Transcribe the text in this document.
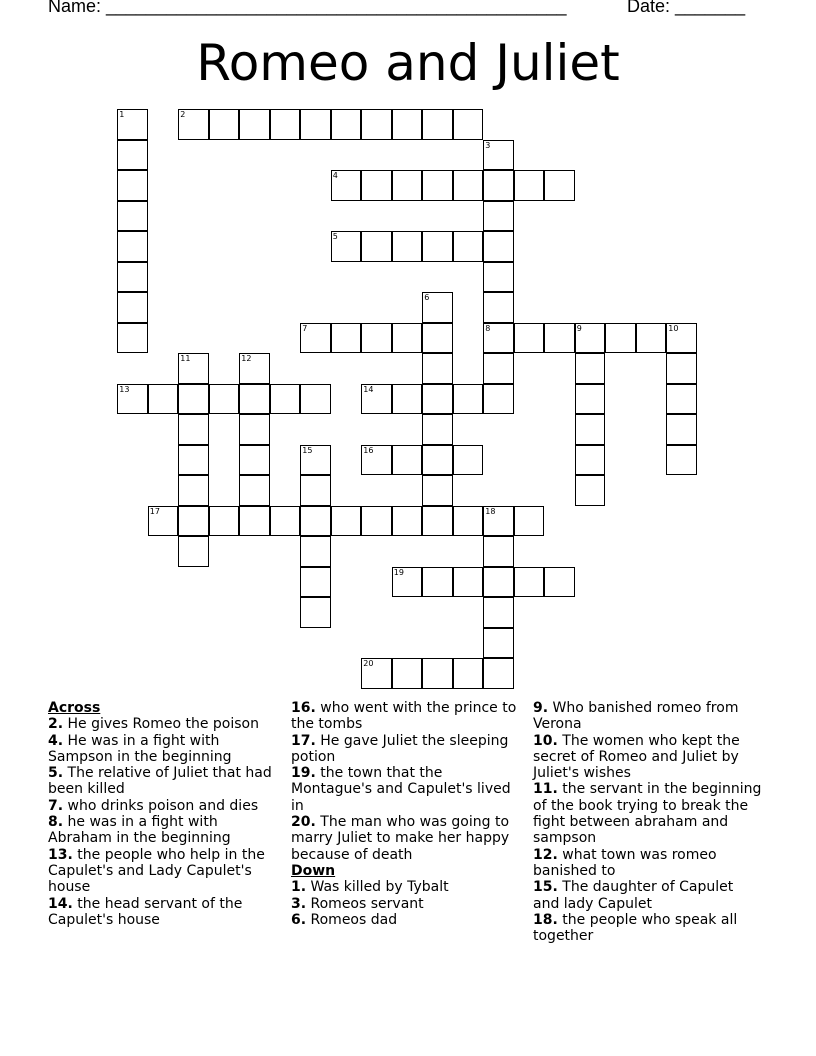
Name: ______________________________________________	Date: _______
Romeo and Juliet
1	2
3
8
4
5
6
7	9	10
11	12
13	14
15	16
17	18
19
20
Across
2. He gives Romeo the poison
4. He was in a fight with Sampson in the beginning
5. The relative of Juliet that had been killed
7. who drinks poison and dies
8. he was in a fight with Abraham in the beginning
13. the people who help in the Capulet's and Lady Capulet's house
14. the head servant of the Capulet's house
16. who went with the prince to the tombs
17. He gave Juliet the sleeping potion
19. the town that the Montague's and Capulet's lived in
20. The man who was going to marry Juliet to make her happy because of death
Down
1. Was killed by Tybalt
3. Romeos servant
6. Romeos dad
9. Who banished romeo from Verona
10. The women who kept the secret of Romeo and Juliet by Juliet's wishes
11. the servant in the beginning of the book trying to break the fight between abraham and sampson
12. what town was romeo banished to
15. The daughter of Capulet and lady Capulet
18. the people who speak all together
